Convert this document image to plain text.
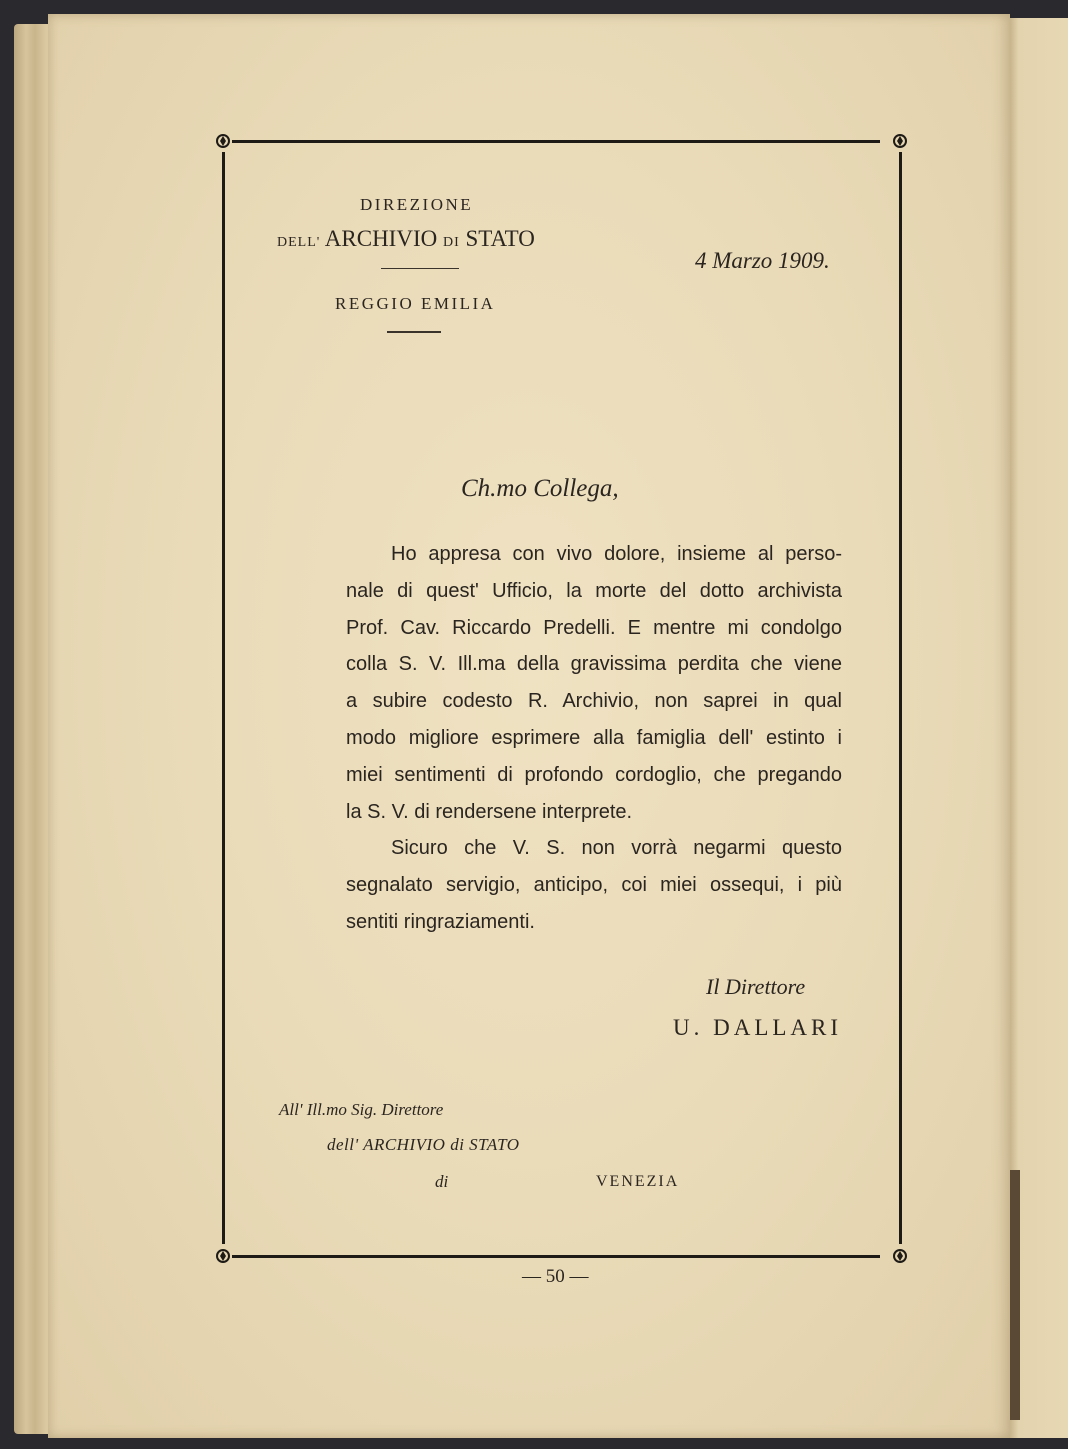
DIREZIONE
DELL' ARCHIVIO DI STATO
4 Marzo 1909.
REGGIO EMILIA
Ch.mo Collega,
Ho appresa con vivo dolore, insieme al perso-
nale di quest' Ufficio, la morte del dotto archivista
Prof. Cav. Riccardo Predelli. E mentre mi condolgo
colla S. V. Ill.ma della gravissima perdita che viene
a subire codesto R. Archivio, non saprei in qual
modo migliore esprimere alla famiglia dell' estinto i
miei sentimenti di profondo cordoglio, che pregando
la S. V. di rendersene interprete.
Sicuro che V. S. non vorrà negarmi questo
segnalato servigio, anticipo, coi miei ossequi, i più
sentiti ringraziamenti.
Il Direttore
U. DALLARI
All' Ill.mo Sig. Direttore
dell' ARCHIVIO di STATO
di	VENEZIA
— 50 —
